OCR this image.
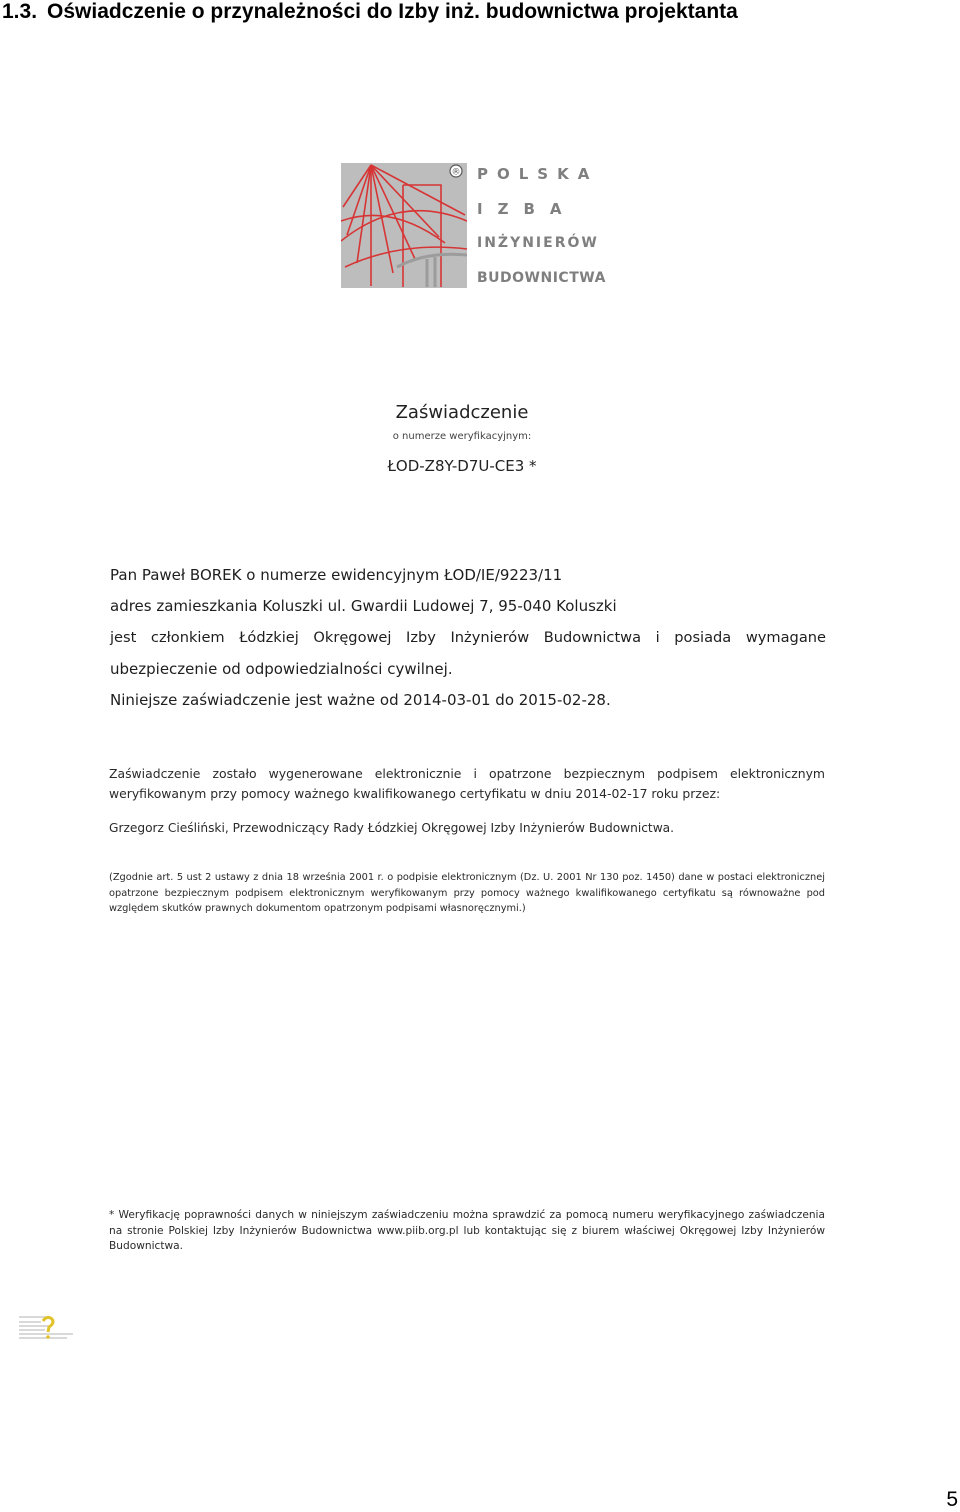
1.3. Oświadczenie o przynależności do Izby inż. budownictwa projektanta
® POLSKA
IZBA
INŻYNIERÓW
BUDOWNICTWA
Zaświadczenie
o numerze weryfikacyjnym:
ŁOD-Z8Y-D7U-CE3 *
Pan Paweł BOREK o numerze ewidencyjnym ŁOD/IE/9223/11
adres zamieszkania Koluszki ul. Gwardii Ludowej 7, 95-040 Koluszki
jest członkiem Łódzkiej Okręgowej Izby Inżynierów Budownictwa i posiada wymagane
ubezpieczenie od odpowiedzialności cywilnej.
Niniejsze zaświadczenie jest ważne od 2014-03-01 do 2015-02-28.
Zaświadczenie zostało wygenerowane elektronicznie i opatrzone bezpiecznym podpisem elektronicznym weryfikowanym przy pomocy ważnego kwalifikowanego certyfikatu w dniu 2014-02-17 roku przez:
Grzegorz Cieśliński, Przewodniczący Rady Łódzkiej Okręgowej Izby Inżynierów Budownictwa.
(Zgodnie art. 5 ust 2 ustawy z dnia 18 września 2001 r. o podpisie elektronicznym (Dz. U. 2001 Nr 130 poz. 1450) dane w postaci elektronicznej opatrzone bezpiecznym podpisem elektronicznym weryfikowanym przy pomocy ważnego kwalifikowanego certyfikatu są równoważne pod względem skutków prawnych dokumentom opatrzonym podpisami własnoręcznymi.)
* Weryfikację poprawności danych w niniejszym zaświadczeniu można sprawdzić za pomocą numeru weryfikacyjnego zaświadczenia na stronie Polskiej Izby Inżynierów Budownictwa www.piib.org.pl lub kontaktując się z biurem właściwej Okręgowej Izby Inżynierów Budownictwa.
5
